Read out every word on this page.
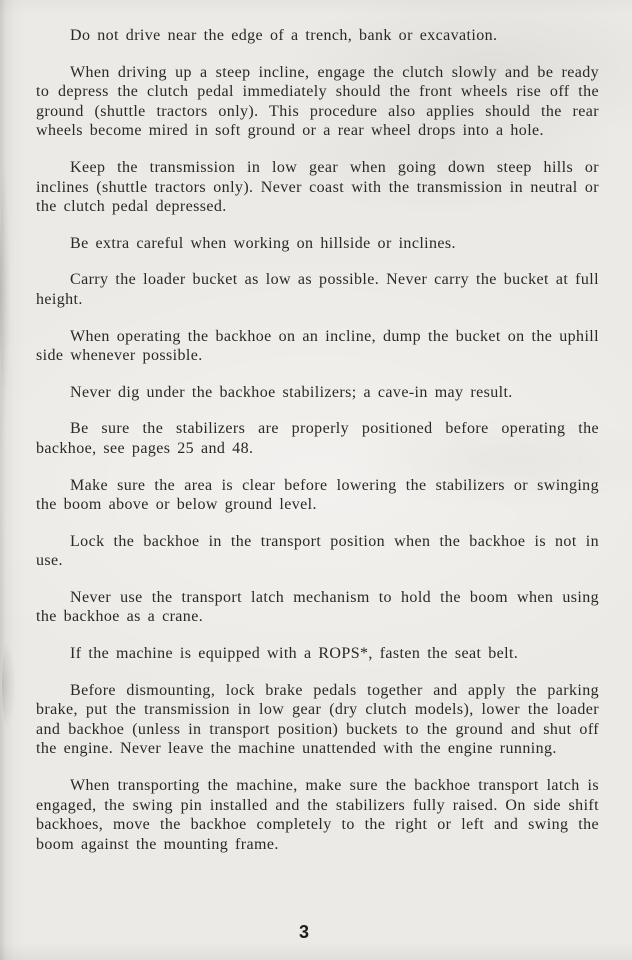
Do not drive near the edge of a trench, bank or excavation.

When driving up a steep incline, engage the clutch slowly and be ready to depress the clutch pedal immediately should the front wheels rise off the ground (shuttle tractors only). This procedure also applies should the rear wheels become mired in soft ground or a rear wheel drops into a hole.

Keep the transmission in low gear when going down steep hills or inclines (shuttle tractors only). Never coast with the transmission in neutral or the clutch pedal depressed.

Be extra careful when working on hillside or inclines.

Carry the loader bucket as low as possible. Never carry the bucket at full height.

When operating the backhoe on an incline, dump the bucket on the uphill side whenever possible.

Never dig under the backhoe stabilizers; a cave-in may result.

Be sure the stabilizers are properly positioned before operating the backhoe, see pages 25 and 48.

Make sure the area is clear before lowering the stabilizers or swinging the boom above or below ground level.

Lock the backhoe in the transport position when the backhoe is not in use.

Never use the transport latch mechanism to hold the boom when using the backhoe as a crane.

If the machine is equipped with a ROPS*, fasten the seat belt.

Before dismounting, lock brake pedals together and apply the parking brake, put the transmission in low gear (dry clutch models), lower the loader and backhoe (unless in transport position) buckets to the ground and shut off the engine. Never leave the machine unattended with the engine running.

When transporting the machine, make sure the backhoe transport latch is engaged, the swing pin installed and the stabilizers fully raised. On side shift backhoes, move the backhoe completely to the right or left and swing the boom against the mounting frame.

3
